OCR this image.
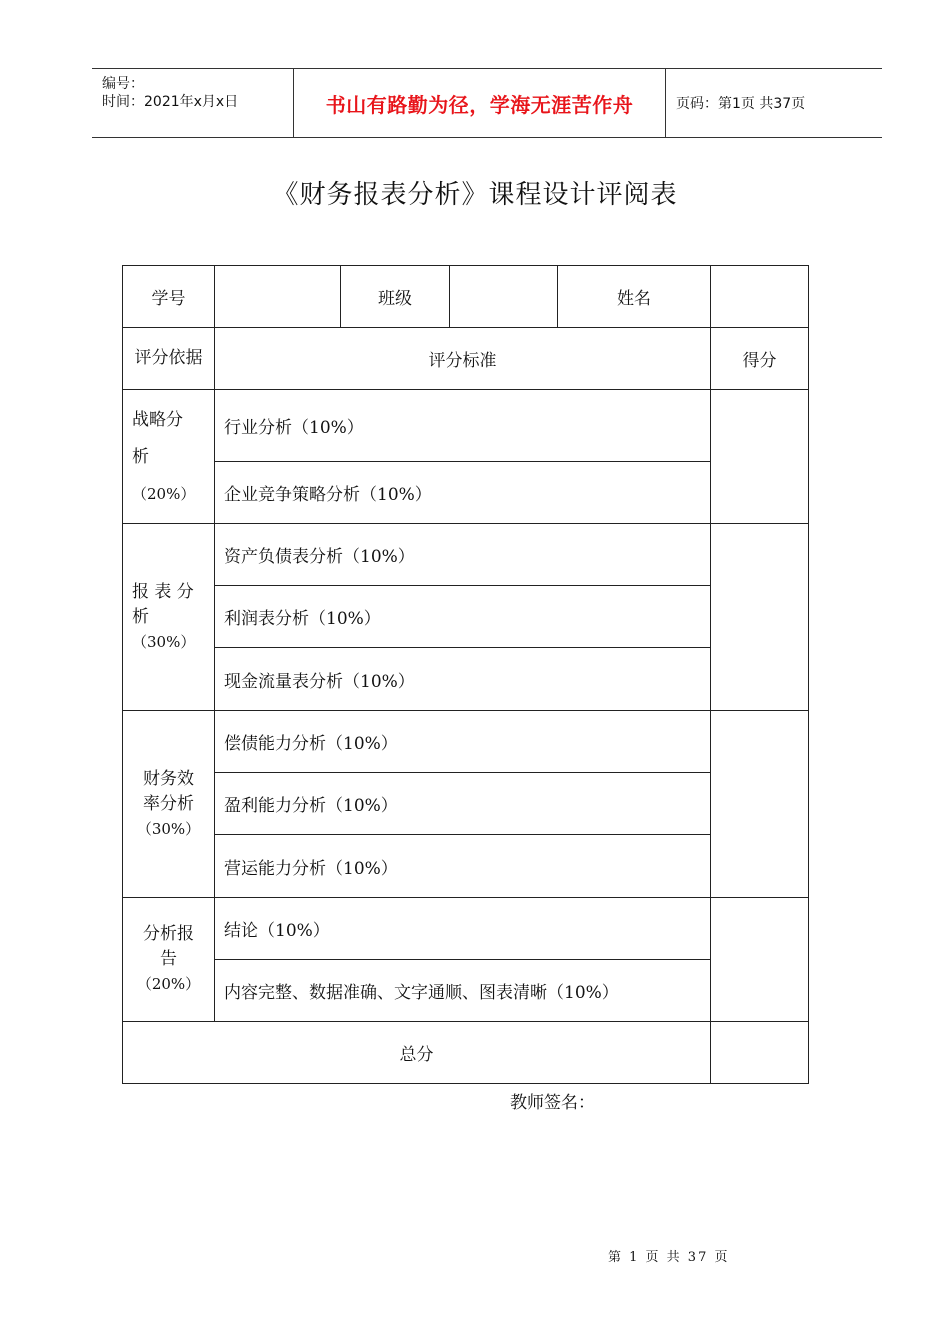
编号：
时间：2021年x月x日	书山有路勤为径，学海无涯苦作舟	页码：第1页 共37页
《财务报表分析》课程设计评阅表
学号		班级		姓名	
评分依据	评分标准				得分

战略分
析
（20%）	行业分析（10%）				
	企业竞争策略分析（10%）				

报 表 分
析
（30%）	资产负债表分析（10%）				
	利润表分析（10%）				
	现金流量表分析（10%）				

财务效
率分析
（30%）	偿债能力分析（10%）				
	盈利能力分析（10%）				
	营运能力分析（10%）				

分析报
告
（20%）	结论（10%）				
	内容完整、数据准确、文字通顺、图表清晰（10%）				
总分					
教师签名：
第 1 页 共 37 页
